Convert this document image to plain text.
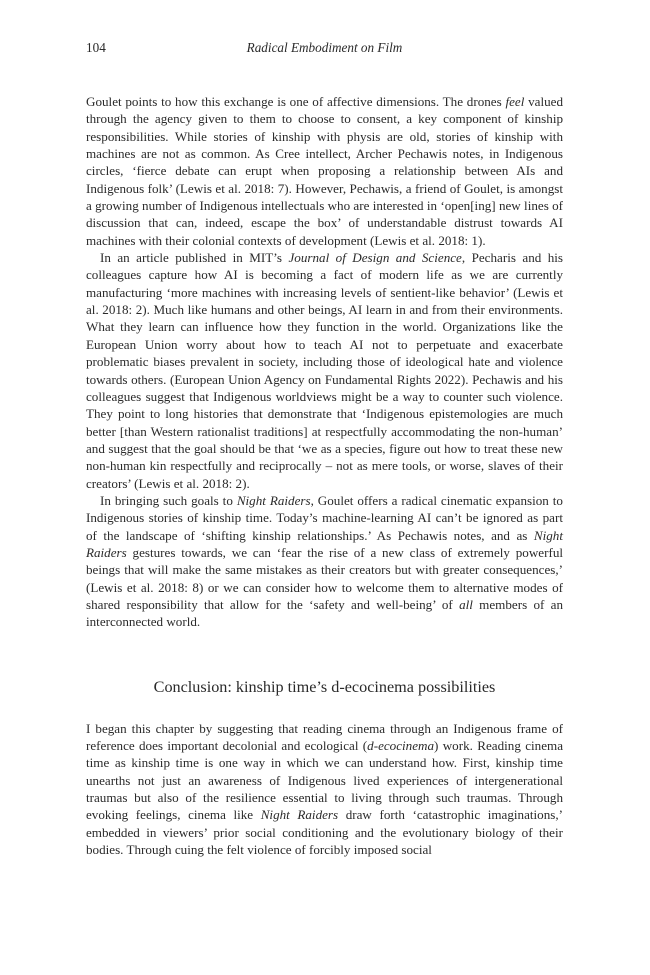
104	Radical Embodiment on Film

Goulet points to how this exchange is one of affective dimensions. The drones feel valued through the agency given to them to choose to consent, a key component of kinship responsibilities. While stories of kinship with physis are old, stories of kinship with machines are not as common. As Cree intellect, Archer Pechawis notes, in Indigenous circles, ‘fierce debate can erupt when proposing a relationship between AIs and Indigenous folk’ (Lewis et al. 2018: 7). However, Pechawis, a friend of Goulet, is amongst a growing number of Indigenous intellectuals who are interested in ‘open[ing] new lines of discussion that can, indeed, escape the box’ of understandable distrust towards AI machines with their colonial contexts of development (Lewis et al. 2018: 1).

In an article published in MIT’s Journal of Design and Science, Pecharis and his colleagues capture how AI is becoming a fact of modern life as we are currently manufacturing ‘more machines with increasing levels of sentient-like behavior’ (Lewis et al. 2018: 2). Much like humans and other beings, AI learn in and from their environments. What they learn can influence how they function in the world. Organizations like the European Union worry about how to teach AI not to perpetuate and exacerbate problematic biases prevalent in society, including those of ideological hate and violence towards others. (European Union Agency on Fundamental Rights 2022). Pechawis and his colleagues suggest that Indigenous worldviews might be a way to counter such violence. They point to long histories that demonstrate that ‘Indigenous epistemologies are much better [than Western rationalist traditions] at respectfully accommodating the non-human’ and suggest that the goal should be that ‘we as a species, figure out how to treat these new non-human kin respectfully and reciprocally – not as mere tools, or worse, slaves of their creators’ (Lewis et al. 2018: 2).

In bringing such goals to Night Raiders, Goulet offers a radical cinematic expansion to Indigenous stories of kinship time. Today’s machine-learning AI can’t be ignored as part of the landscape of ‘shifting kinship relationships.’ As Pechawis notes, and as Night Raiders gestures towards, we can ‘fear the rise of a new class of extremely powerful beings that will make the same mistakes as their creators but with greater consequences,’ (Lewis et al. 2018: 8) or we can consider how to welcome them to alternative modes of shared responsibility that allow for the ‘safety and well-being’ of all members of an interconnected world.

Conclusion: kinship time’s d-ecocinema possibilities

I began this chapter by suggesting that reading cinema through an Indigenous frame of reference does important decolonial and ecological (d-ecocinema) work. Reading cinema time as kinship time is one way in which we can understand how. First, kinship time unearths not just an awareness of Indigenous lived experiences of intergenerational traumas but also of the resilience essential to living through such traumas. Through evoking feelings, cinema like Night Raiders draw forth ‘catastrophic imaginations,’ embedded in viewers’ prior social conditioning and the evolutionary biology of their bodies. Through cuing the felt violence of forcibly imposed social
